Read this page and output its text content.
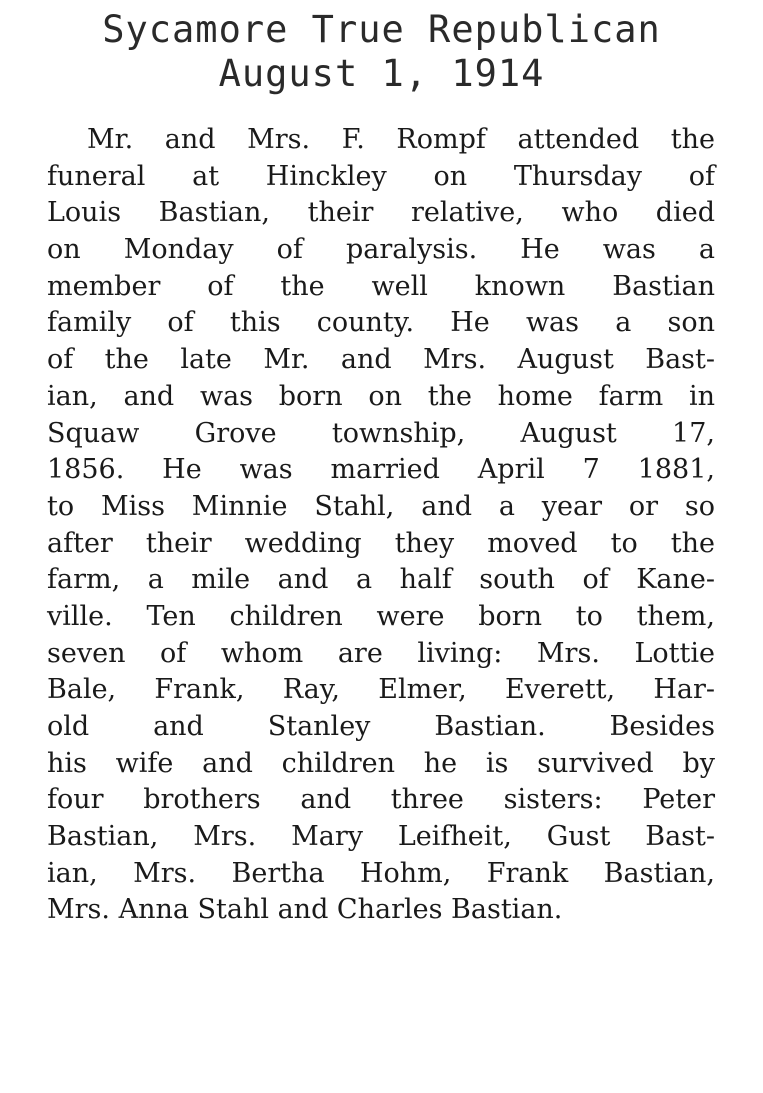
Sycamore True Republican
August 1, 1914
Mr. and Mrs. F. Rompf attended the
funeral at Hinckley on Thursday of
Louis Bastian, their relative, who died
on Monday of paralysis. He was a
member of the well known Bastian
family of this county. He was a son
of the late Mr. and Mrs. August Bast-
ian, and was born on the home farm in
Squaw Grove township, August 17,
1856. He was married April 7 1881,
to Miss Minnie Stahl, and a year or so
after their wedding they moved to the
farm, a mile and a half south of Kane-
ville. Ten children were born to them,
seven of whom are living: Mrs. Lottie
Bale, Frank, Ray, Elmer, Everett, Har-
old and Stanley Bastian. Besides
his wife and children he is survived by
four brothers and three sisters: Peter
Bastian, Mrs. Mary Leifheit, Gust Bast-
ian, Mrs. Bertha Hohm, Frank Bastian,
Mrs. Anna Stahl and Charles Bastian.
